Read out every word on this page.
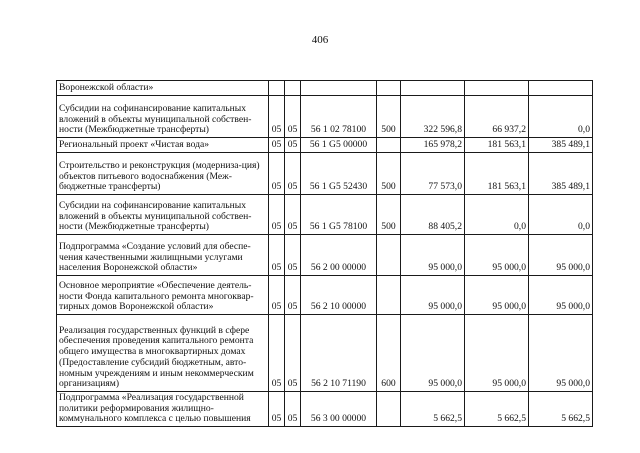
406
Воронежской области»							
Субсидии на софинансирование капитальных вложений в объекты муниципальной собствен-ности (Межбюджетные трансферты)	05	05	56 1 02 78100	500	322 596,8	66 937,2	0,0
Региональный проект «Чистая вода»	05	05	56 1 G5 00000		165 978,2	181 563,1	385 489,1
Строительство и реконструкция (модерниза-ция) объектов питьевого водоснабжения (Меж-бюджетные трансферты)	05	05	56 1 G5 52430	500	77 573,0	181 563,1	385 489,1
Субсидии на софинансирование капитальных вложений в объекты муниципальной собствен-ности (Межбюджетные трансферты)	05	05	56 1 G5 78100	500	88 405,2	0,0	0,0
Подпрограмма «Создание условий для обеспе-чения качественными жилищными услугами населения Воронежской области»	05	05	56 2 00 00000		95 000,0	95 000,0	95 000,0
Основное мероприятие «Обеспечение деятель-ности Фонда капитального ремонта многоквар-тирных домов Воронежской области»	05	05	56 2 10 00000		95 000,0	95 000,0	95 000,0
Реализация государственных функций в сфере обеспечения проведения капитального ремонта общего имущества в многоквартирных домах (Предоставление субсидий бюджетным, авто-номным учреждениям и иным некоммерческим организациям)	05	05	56 2 10 71190	600	95 000,0	95 000,0	95 000,0
Подпрограмма «Реализация государственной политики реформирования жилищно-коммунального комплекса с целью повышения	05	05	56 3 00 00000		5 662,5	5 662,5	5 662,5
